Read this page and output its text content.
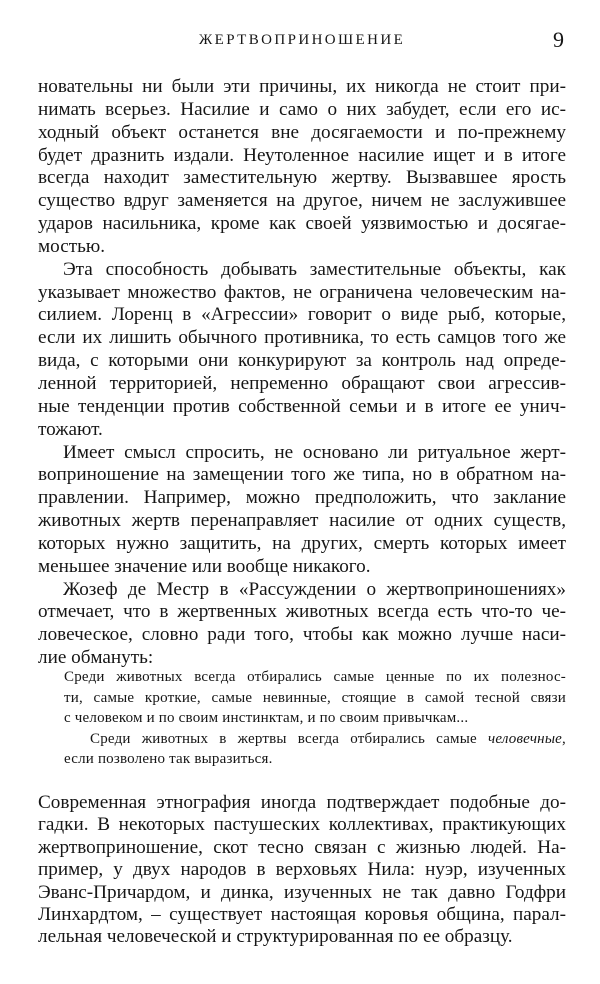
ЖЕРТВОПРИНОШЕНИЕ	9
новательны ни были эти причины, их никогда не стоит при-
нимать всерьез. Насилие и само о них забудет, если его ис-
ходный объект останется вне досягаемости и по-прежнему
будет дразнить издали. Неутоленное насилие ищет и в итоге
всегда находит заместительную жертву. Вызвавшее ярость
существо вдруг заменяется на другое, ничем не заслужившее
ударов насильника, кроме как своей уязвимостью и досягае-
мостью.
Эта способность добывать заместительные объекты, как
указывает множество фактов, не ограничена человеческим на-
силием. Лоренц в «Агрессии» говорит о виде рыб, которые,
если их лишить обычного противника, то есть самцов того же
вида, с которыми они конкурируют за контроль над опреде-
ленной территорией, непременно обращают свои агрессив-
ные тенденции против собственной семьи и в итоге ее унич-
тожают.
Имеет смысл спросить, не основано ли ритуальное жерт-
воприношение на замещении того же типа, но в обратном на-
правлении. Например, можно предположить, что заклание
животных жертв перенаправляет насилие от одних существ,
которых нужно защитить, на других, смерть которых имеет
меньшее значение или вообще никакого.
Жозеф де Местр в «Рассуждении о жертвоприношениях»
отмечает, что в жертвенных животных всегда есть что-то че-
ловеческое, словно ради того, чтобы как можно лучше наси-
лие обмануть:
Среди животных всегда отбирались самые ценные по их полезнос-
ти, самые кроткие, самые невинные, стоящие в самой тесной связи
с человеком и по своим инстинктам, и по своим привычкам...
Среди животных в жертвы всегда отбирались самые человечные,
если позволено так выразиться.
Современная этнография иногда подтверждает подобные до-
гадки. В некоторых пастушеских коллективах, практикующих
жертвоприношение, скот тесно связан с жизнью людей. На-
пример, у двух народов в верховьях Нила: нуэр, изученных
Эванс-Причардом, и динка, изученных не так давно Годфри
Линхардтом, – существует настоящая коровья община, парал-
лельная человеческой и структурированная по ее образцу.
